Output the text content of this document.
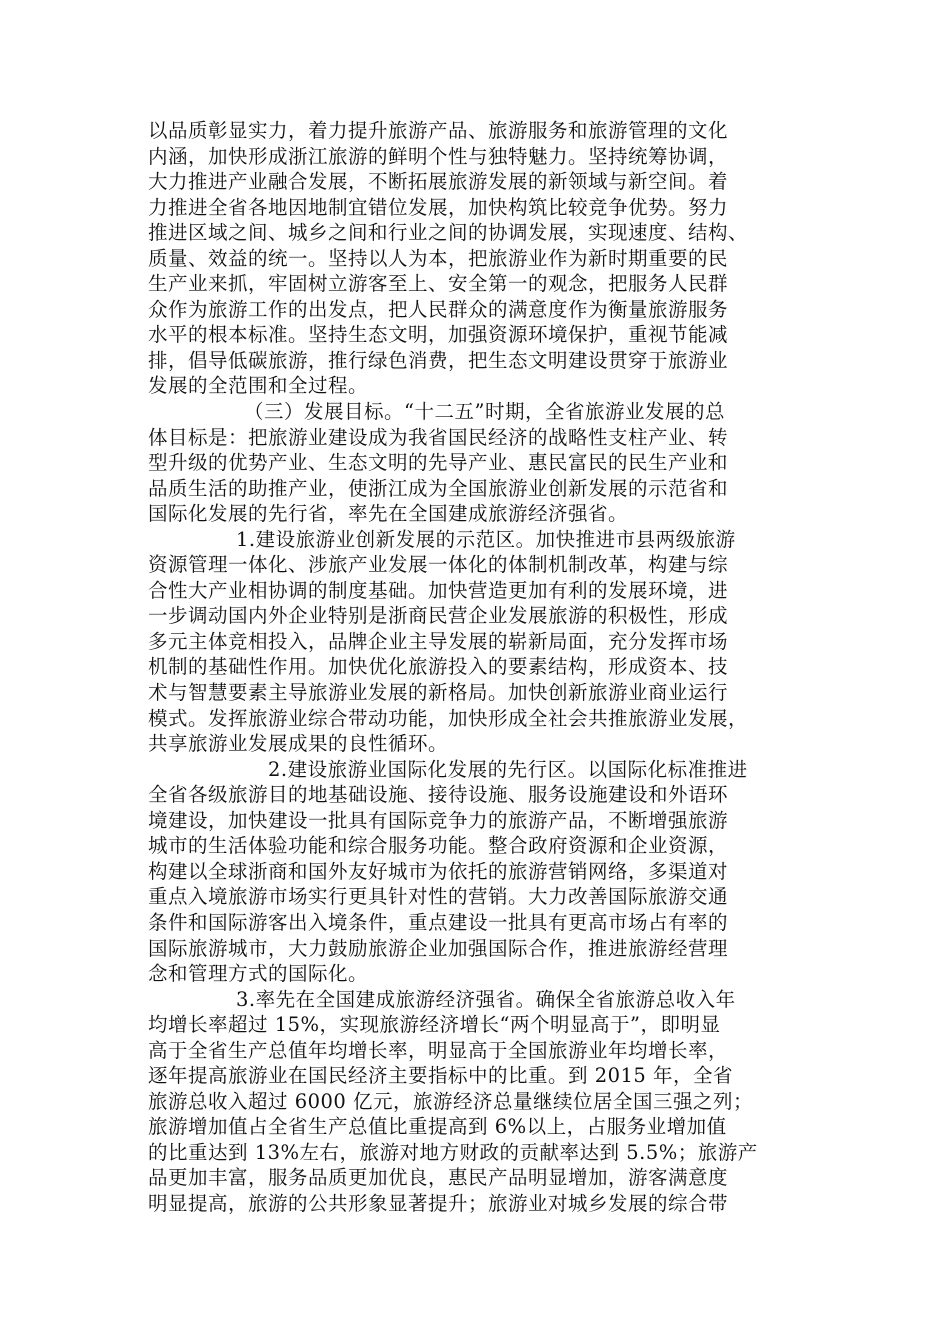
以品质彰显实力，着力提升旅游产品、旅游服务和旅游管理的文化
内涵，加快形成浙江旅游的鲜明个性与独特魅力。坚持统筹协调，
大力推进产业融合发展，不断拓展旅游发展的新领域与新空间。着
力推进全省各地因地制宜错位发展，加快构筑比较竞争优势。努力
推进区域之间、城乡之间和行业之间的协调发展，实现速度、结构、
质量、效益的统一。坚持以人为本，把旅游业作为新时期重要的民
生产业来抓，牢固树立游客至上、安全第一的观念，把服务人民群
众作为旅游工作的出发点，把人民群众的满意度作为衡量旅游服务
水平的根本标准。坚持生态文明，加强资源环境保护，重视节能减
排，倡导低碳旅游，推行绿色消费，把生态文明建设贯穿于旅游业
发展的全范围和全过程。
（三）发展目标。“十二五”时期，全省旅游业发展的总
体目标是：把旅游业建设成为我省国民经济的战略性支柱产业、转
型升级的优势产业、生态文明的先导产业、惠民富民的民生产业和
品质生活的助推产业，使浙江成为全国旅游业创新发展的示范省和
国际化发展的先行省，率先在全国建成旅游经济强省。
1.建设旅游业创新发展的示范区。加快推进市县两级旅游
资源管理一体化、涉旅产业发展一体化的体制机制改革，构建与综
合性大产业相协调的制度基础。加快营造更加有利的发展环境，进
一步调动国内外企业特别是浙商民营企业发展旅游的积极性，形成
多元主体竞相投入，品牌企业主导发展的崭新局面，充分发挥市场
机制的基础性作用。加快优化旅游投入的要素结构，形成资本、技
术与智慧要素主导旅游业发展的新格局。加快创新旅游业商业运行
模式。发挥旅游业综合带动功能，加快形成全社会共推旅游业发展，
共享旅游业发展成果的良性循环。
2.建设旅游业国际化发展的先行区。以国际化标准推进
全省各级旅游目的地基础设施、接待设施、服务设施建设和外语环
境建设，加快建设一批具有国际竞争力的旅游产品，不断增强旅游
城市的生活体验功能和综合服务功能。整合政府资源和企业资源，
构建以全球浙商和国外友好城市为依托的旅游营销网络，多渠道对
重点入境旅游市场实行更具针对性的营销。大力改善国际旅游交通
条件和国际游客出入境条件，重点建设一批具有更高市场占有率的
国际旅游城市，大力鼓励旅游企业加强国际合作，推进旅游经营理
念和管理方式的国际化。
3.率先在全国建成旅游经济强省。确保全省旅游总收入年
均增长率超过 15%，实现旅游经济增长“两个明显高于”，即明显
高于全省生产总值年均增长率，明显高于全国旅游业年均增长率，
逐年提高旅游业在国民经济主要指标中的比重。到 2015 年，全省
旅游总收入超过 6000 亿元，旅游经济总量继续位居全国三强之列；
旅游增加值占全省生产总值比重提高到 6%以上，占服务业增加值
的比重达到 13%左右，旅游对地方财政的贡献率达到 5.5%；旅游产
品更加丰富，服务品质更加优良，惠民产品明显增加，游客满意度
明显提高，旅游的公共形象显著提升；旅游业对城乡发展的综合带
